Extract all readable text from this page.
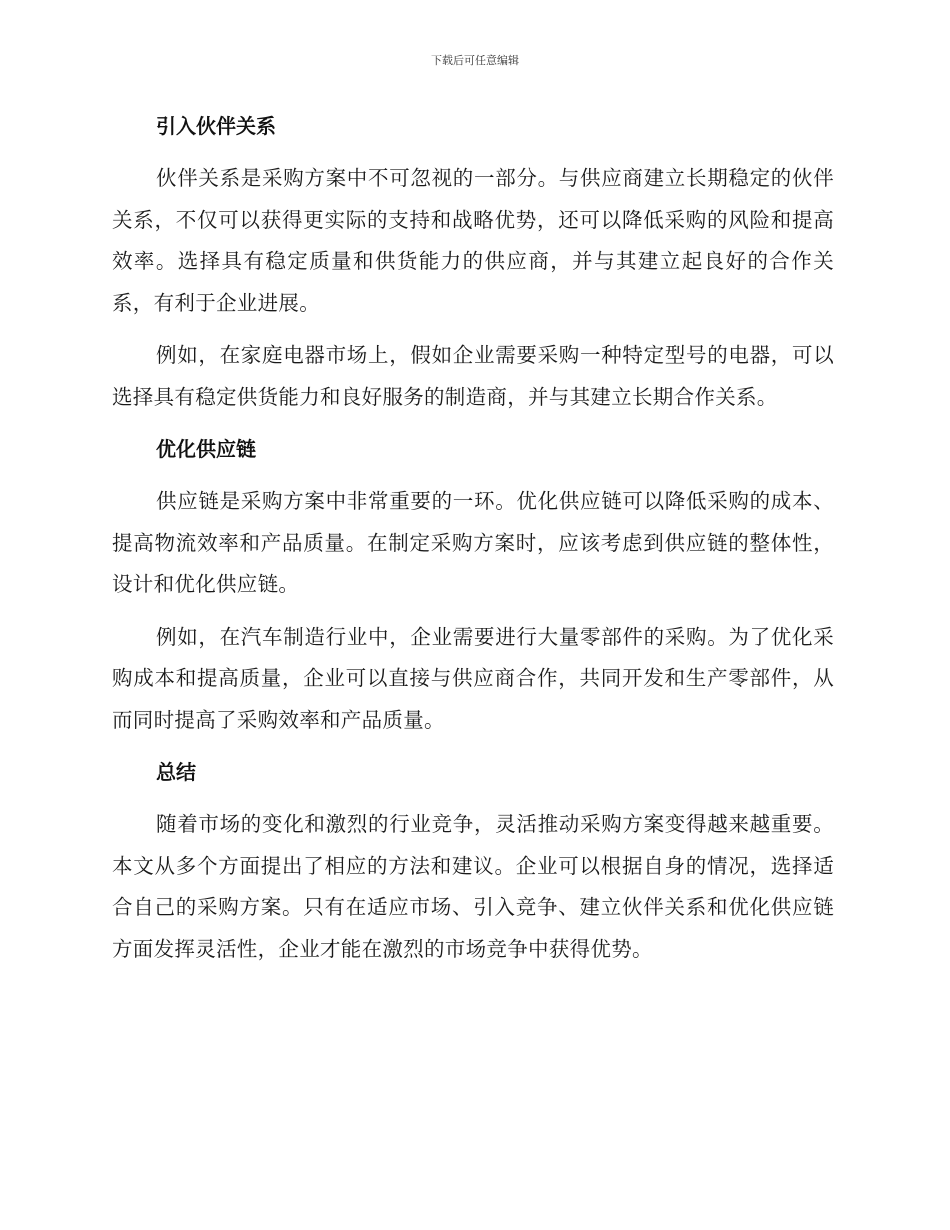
下载后可任意编辑
引入伙伴关系

伙伴关系是采购方案中不可忽视的一部分。与供应商建立长期稳定的伙伴关系，不仅可以获得更实际的支持和战略优势，还可以降低采购的风险和提高效率。选择具有稳定质量和供货能力的供应商，并与其建立起良好的合作关系，有利于企业进展。

例如，在家庭电器市场上，假如企业需要采购一种特定型号的电器，可以选择具有稳定供货能力和良好服务的制造商，并与其建立长期合作关系。

优化供应链

供应链是采购方案中非常重要的一环。优化供应链可以降低采购的成本、提高物流效率和产品质量。在制定采购方案时，应该考虑到供应链的整体性，设计和优化供应链。

例如，在汽车制造行业中，企业需要进行大量零部件的采购。为了优化采购成本和提高质量，企业可以直接与供应商合作，共同开发和生产零部件，从而同时提高了采购效率和产品质量。

总结

随着市场的变化和激烈的行业竞争，灵活推动采购方案变得越来越重要。本文从多个方面提出了相应的方法和建议。企业可以根据自身的情况，选择适合自己的采购方案。只有在适应市场、引入竞争、建立伙伴关系和优化供应链方面发挥灵活性，企业才能在激烈的市场竞争中获得优势。
